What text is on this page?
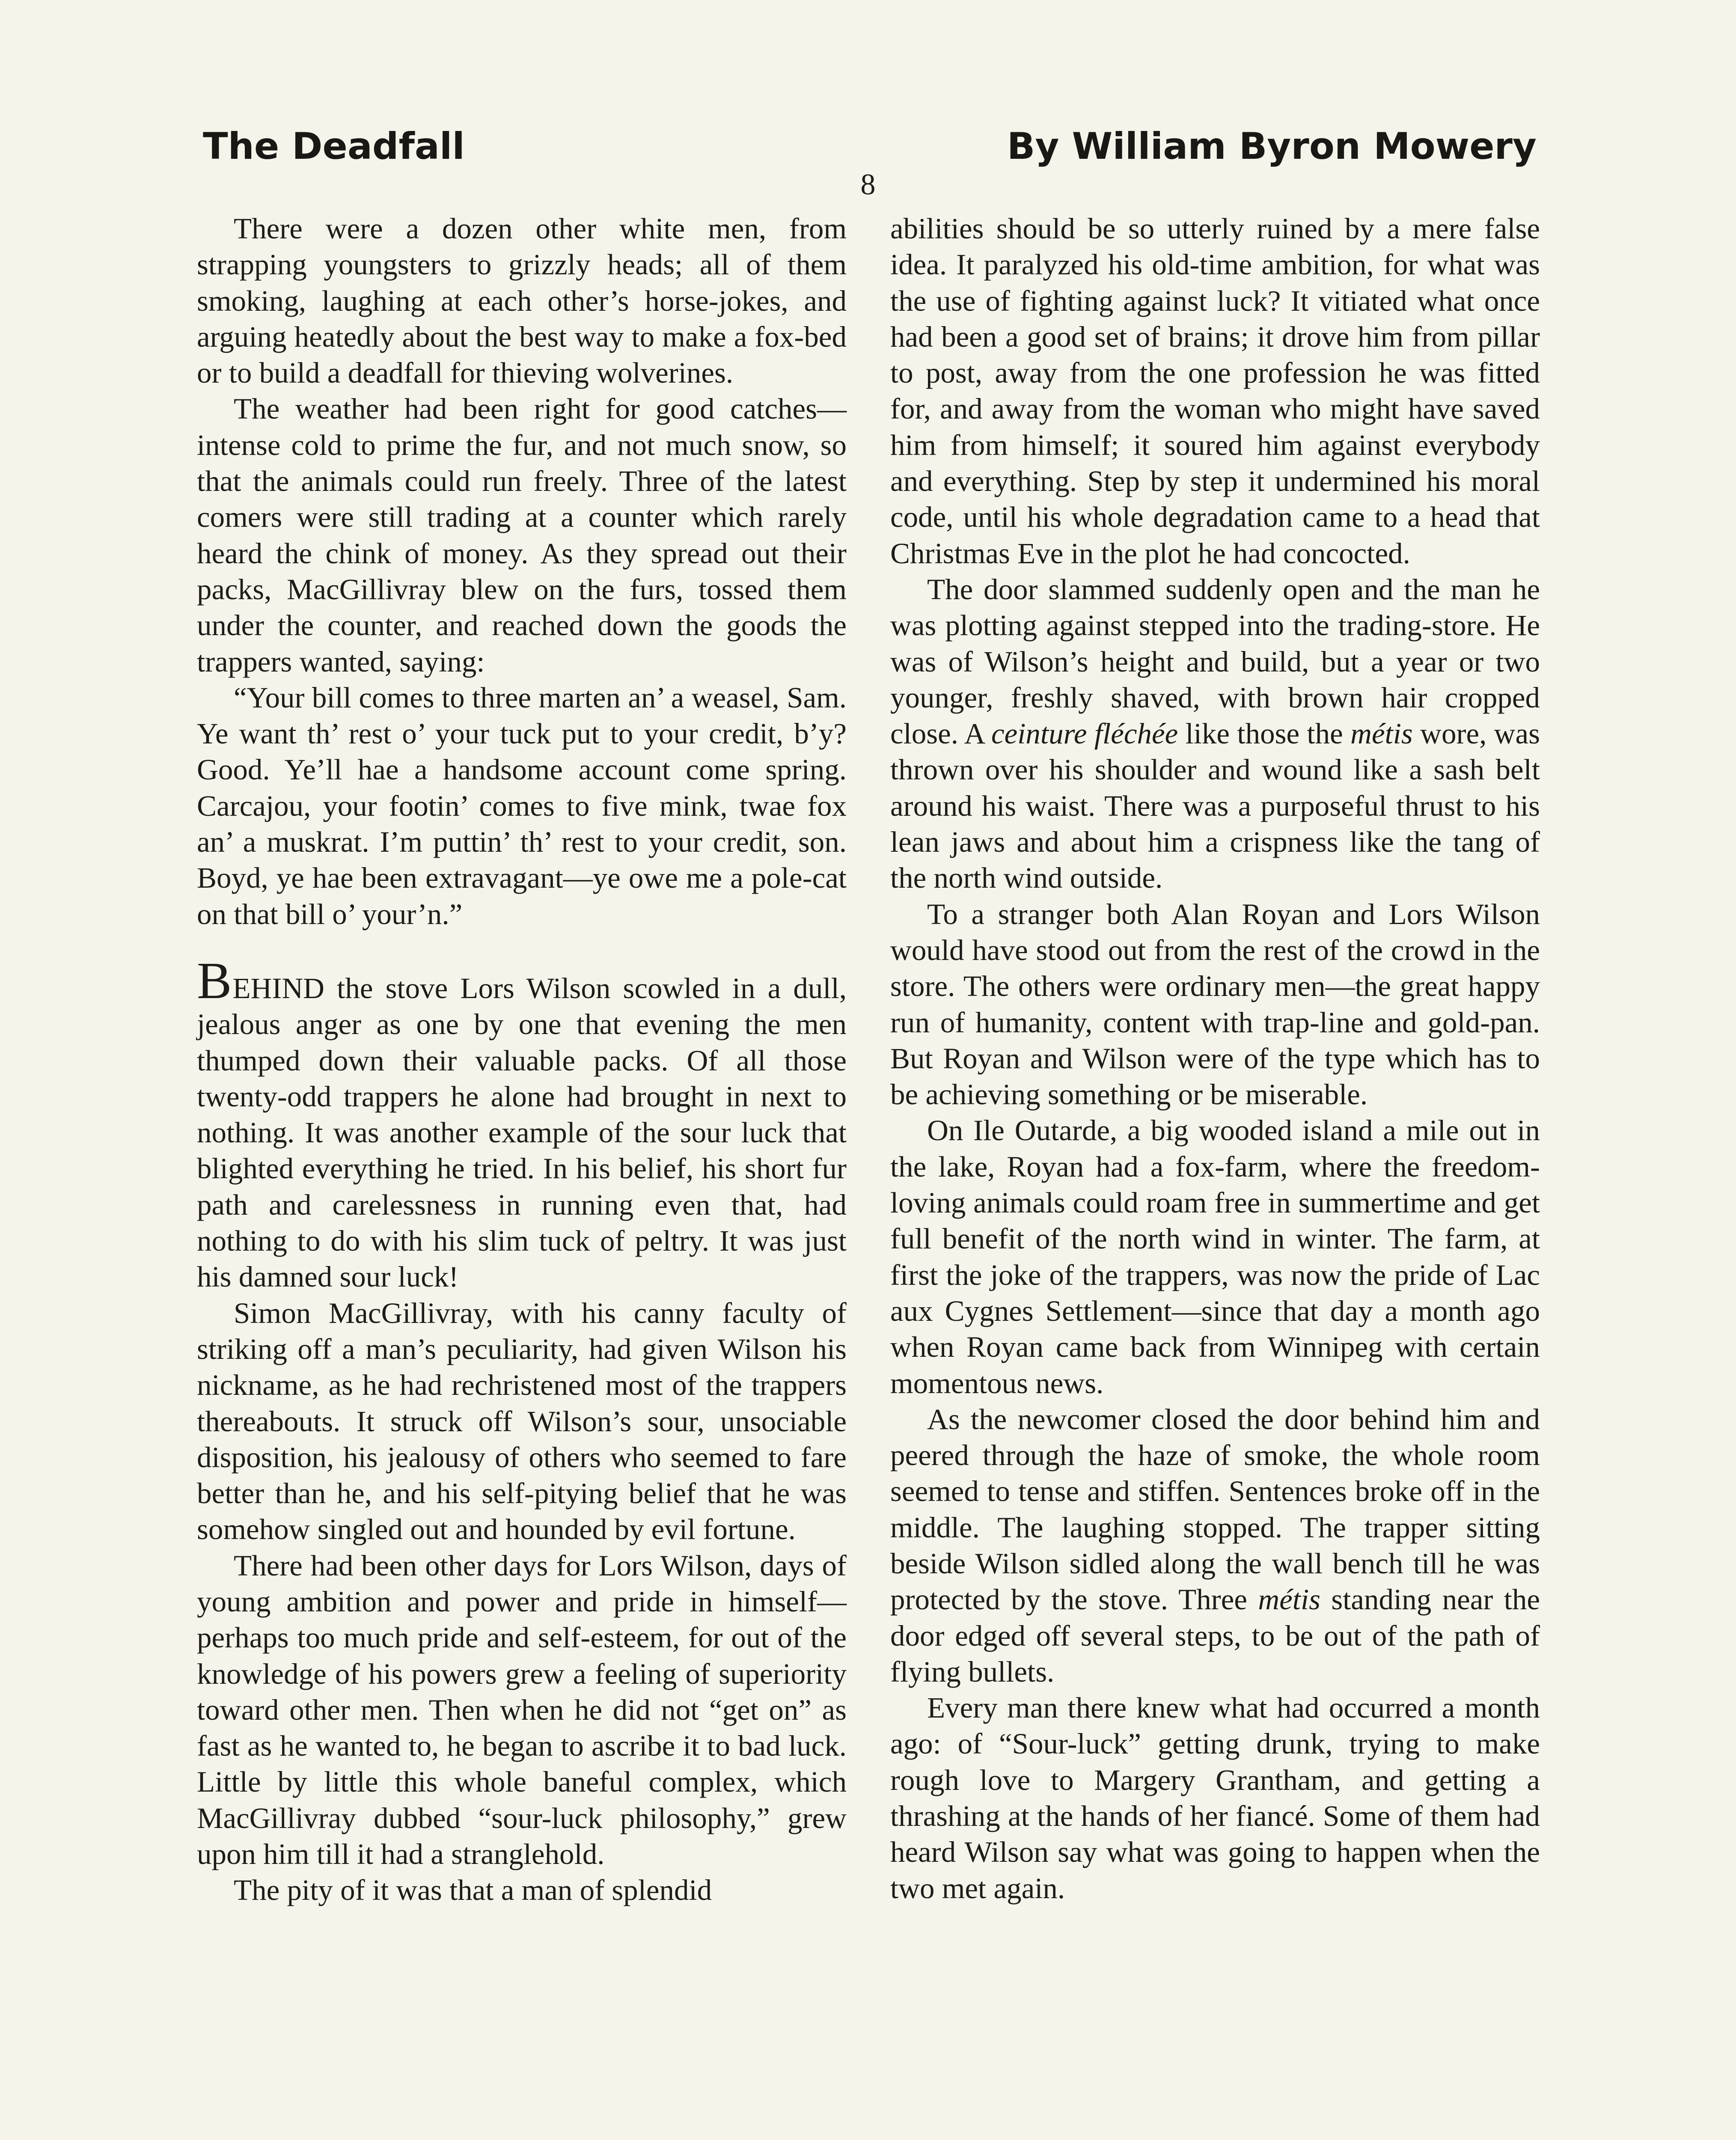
The Deadfall	By William Byron Mowery
8

There were a dozen other white men, from strapping youngsters to grizzly heads; all of them smoking, laughing at each other’s horse-jokes, and arguing heatedly about the best way to make a fox-bed or to build a deadfall for thieving wolverines.

The weather had been right for good catches—intense cold to prime the fur, and not much snow, so that the animals could run freely. Three of the latest comers were still trading at a counter which rarely heard the chink of money. As they spread out their packs, MacGillivray blew on the furs, tossed them under the counter, and reached down the goods the trappers wanted, saying:

“Your bill comes to three marten an’ a weasel, Sam. Ye want th’ rest o’ your tuck put to your credit, b’y? Good. Ye’ll hae a handsome account come spring. Carcajou, your footin’ comes to five mink, twae fox an’ a muskrat. I’m puttin’ th’ rest to your credit, son. Boyd, ye hae been extravagant—ye owe me a pole-cat on that bill o’ your’n.”

BEHIND the stove Lors Wilson scowled in a dull, jealous anger as one by one that evening the men thumped down their valuable packs. Of all those twenty-odd trappers he alone had brought in next to nothing. It was another example of the sour luck that blighted everything he tried. In his belief, his short fur path and carelessness in running even that, had nothing to do with his slim tuck of peltry. It was just his damned sour luck!

Simon MacGillivray, with his canny faculty of striking off a man’s peculiarity, had given Wilson his nickname, as he had rechristened most of the trappers thereabouts. It struck off Wilson’s sour, unsociable disposition, his jealousy of others who seemed to fare better than he, and his self-pitying belief that he was somehow singled out and hounded by evil fortune.

There had been other days for Lors Wilson, days of young ambition and power and pride in himself—perhaps too much pride and self-esteem, for out of the knowledge of his powers grew a feeling of superiority toward other men. Then when he did not “get on” as fast as he wanted to, he began to ascribe it to bad luck. Little by little this whole baneful complex, which MacGillivray dubbed “sour-luck philosophy,” grew upon him till it had a stranglehold.

The pity of it was that a man of splendid

abilities should be so utterly ruined by a mere false idea. It paralyzed his old-time ambition, for what was the use of fighting against luck? It vitiated what once had been a good set of brains; it drove him from pillar to post, away from the one profession he was fitted for, and away from the woman who might have saved him from himself; it soured him against everybody and everything. Step by step it undermined his moral code, until his whole degradation came to a head that Christmas Eve in the plot he had concocted.

The door slammed suddenly open and the man he was plotting against stepped into the trading-store. He was of Wilson’s height and build, but a year or two younger, freshly shaved, with brown hair cropped close. A ceinture fléchée like those the métis wore, was thrown over his shoulder and wound like a sash belt around his waist. There was a purposeful thrust to his lean jaws and about him a crispness like the tang of the north wind outside.

To a stranger both Alan Royan and Lors Wilson would have stood out from the rest of the crowd in the store. The others were ordinary men—the great happy run of humanity, content with trap-line and gold-pan. But Royan and Wilson were of the type which has to be achieving something or be miserable.

On Ile Outarde, a big wooded island a mile out in the lake, Royan had a fox-farm, where the freedom-loving animals could roam free in summertime and get full benefit of the north wind in winter. The farm, at first the joke of the trappers, was now the pride of Lac aux Cygnes Settlement—since that day a month ago when Royan came back from Winnipeg with certain momentous news.

As the newcomer closed the door behind him and peered through the haze of smoke, the whole room seemed to tense and stiffen. Sentences broke off in the middle. The laughing stopped. The trapper sitting beside Wilson sidled along the wall bench till he was protected by the stove. Three métis standing near the door edged off several steps, to be out of the path of flying bullets.

Every man there knew what had occurred a month ago: of “Sour-luck” getting drunk, trying to make rough love to Margery Grantham, and getting a thrashing at the hands of her fiancé. Some of them had heard Wilson say what was going to happen when the two met again.
